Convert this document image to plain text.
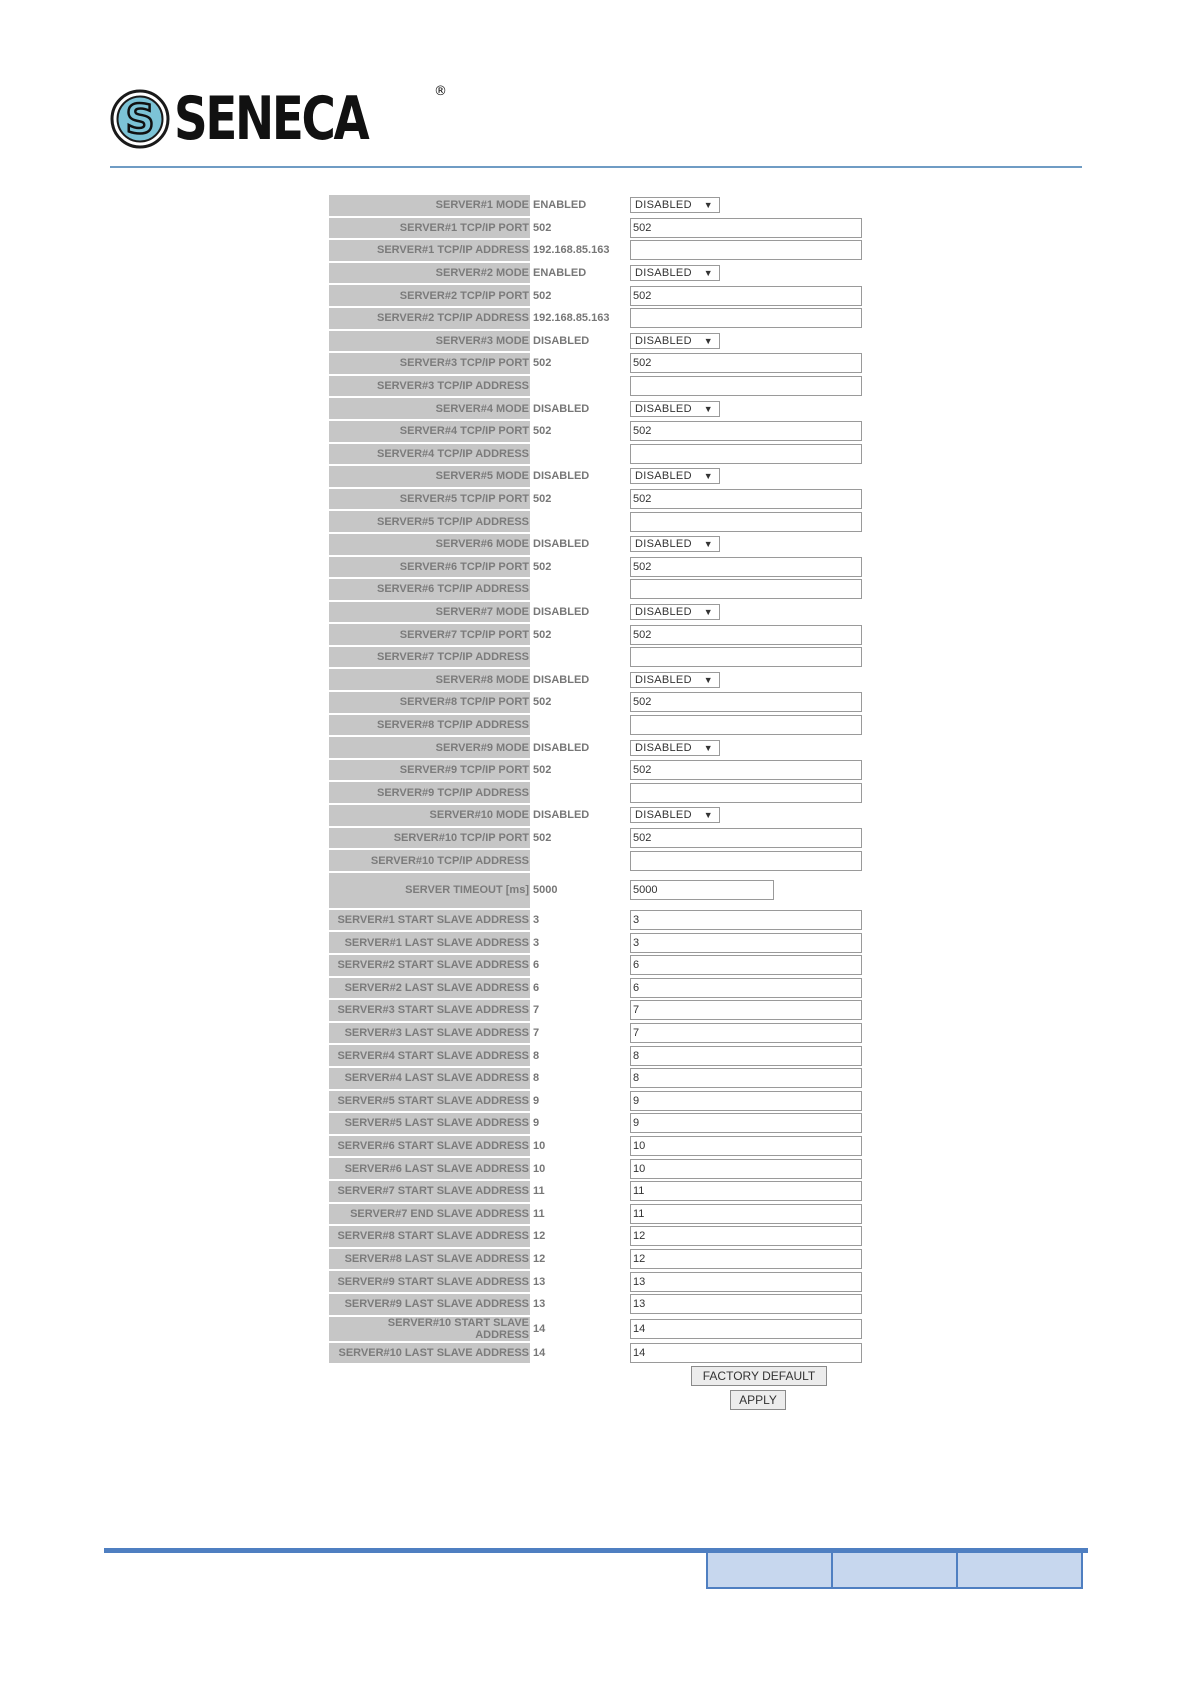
S SENECA	®
SERVER#1 MODE ENABLED	DISABLED ▼
SERVER#1 TCP/IP PORT 502	502
SERVER#1 TCP/IP ADDRESS 192.168.85.163
SERVER#2 MODE ENABLED	DISABLED ▼
SERVER#2 TCP/IP PORT 502	502
SERVER#2 TCP/IP ADDRESS 192.168.85.163
SERVER#3 MODE DISABLED	DISABLED ▼
SERVER#3 TCP/IP PORT 502	502
SERVER#3 TCP/IP ADDRESS
SERVER#4 MODE DISABLED	DISABLED ▼
SERVER#4 TCP/IP PORT 502	502
SERVER#4 TCP/IP ADDRESS
SERVER#5 MODE DISABLED	DISABLED ▼
SERVER#5 TCP/IP PORT 502	502
SERVER#5 TCP/IP ADDRESS
SERVER#6 MODE DISABLED	DISABLED ▼
SERVER#6 TCP/IP PORT 502	502
SERVER#6 TCP/IP ADDRESS
SERVER#7 MODE DISABLED	DISABLED ▼
SERVER#7 TCP/IP PORT 502	502
SERVER#7 TCP/IP ADDRESS
SERVER#8 MODE DISABLED	DISABLED ▼
SERVER#8 TCP/IP PORT 502	502
SERVER#8 TCP/IP ADDRESS
SERVER#9 MODE DISABLED	DISABLED ▼
SERVER#9 TCP/IP PORT 502	502
SERVER#9 TCP/IP ADDRESS
SERVER#10 MODE DISABLED	DISABLED ▼
SERVER#10 TCP/IP PORT 502	502
SERVER#10 TCP/IP ADDRESS
SERVER TIMEOUT [ms] 5000	5000
SERVER#1 START SLAVE ADDRESS 3	3
SERVER#1 LAST SLAVE ADDRESS 3	3
SERVER#2 START SLAVE ADDRESS 6	6
SERVER#2 LAST SLAVE ADDRESS 6	6
SERVER#3 START SLAVE ADDRESS 7	7
SERVER#3 LAST SLAVE ADDRESS 7	7
SERVER#4 START SLAVE ADDRESS 8	8
SERVER#4 LAST SLAVE ADDRESS 8	8
SERVER#5 START SLAVE ADDRESS 9	9
SERVER#5 LAST SLAVE ADDRESS 9	9
SERVER#6 START SLAVE ADDRESS 10	10
SERVER#6 LAST SLAVE ADDRESS 10	10
SERVER#7 START SLAVE ADDRESS 11	11
SERVER#7 END SLAVE ADDRESS 11	11
SERVER#8 START SLAVE ADDRESS 12	12
SERVER#8 LAST SLAVE ADDRESS 12	12
SERVER#9 START SLAVE ADDRESS 13	13
SERVER#9 LAST SLAVE ADDRESS 13	13
SERVER#10 START SLAVE ADDRESS 14	14
SERVER#10 LAST SLAVE ADDRESS 14	14
FACTORY DEFAULT
APPLY
